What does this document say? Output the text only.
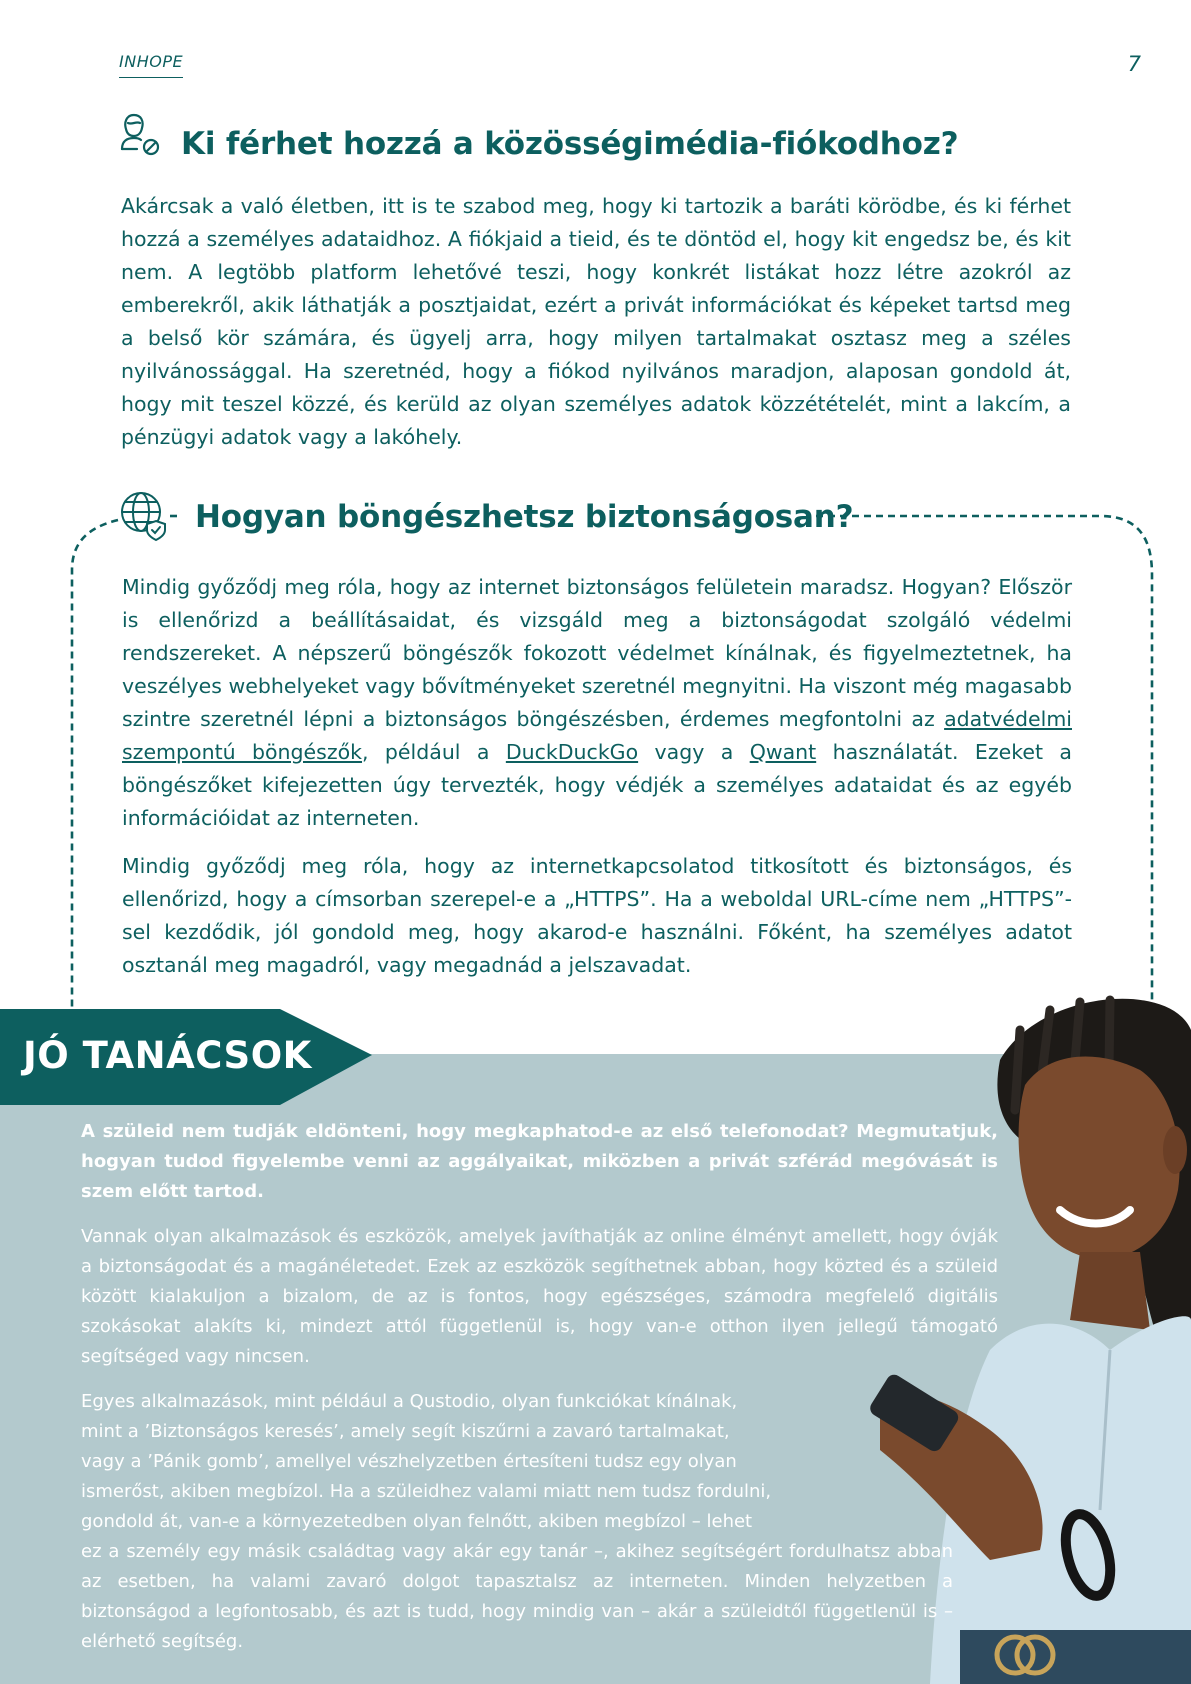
INHOPE	7
Ki férhet hozzá a közösségimédia-fiókodhoz?

Akárcsak a való életben, itt is te szabod meg, hogy ki tartozik a baráti körödbe, és ki férhet hozzá a személyes adataidhoz. A fiókjaid a tieid, és te döntöd el, hogy kit engedsz be, és kit nem. A legtöbb platform lehetővé teszi, hogy konkrét listákat hozz létre azokról az emberekről, akik láthatják a posztjaidat, ezért a privát információkat és képeket tartsd meg a belső kör számára, és ügyelj arra, hogy milyen tartalmakat osztasz meg a széles nyilvánossággal. Ha szeretnéd, hogy a fiókod nyilvános maradjon, alaposan gondold át, hogy mit teszel közzé, és kerüld az olyan személyes adatok közzétételét, mint a lakcím, a pénzügyi adatok vagy a lakóhely.

Hogyan böngészhetsz biztonságosan?

Mindig győződj meg róla, hogy az internet biztonságos felületein maradsz. Hogyan? Először is ellenőrizd a beállításaidat, és vizsgáld meg a biztonságodat szolgáló védelmi rendszereket. A népszerű böngészők fokozott védelmet kínálnak, és figyelmeztetnek, ha veszélyes webhelyeket vagy bővítményeket szeretnél megnyitni. Ha viszont még magasabb szintre szeretnél lépni a biztonságos böngészésben, érdemes megfontolni az adatvédelmi szempontú böngészők, például a DuckDuckGo vagy a Qwant használatát. Ezeket a böngészőket kifejezetten úgy tervezték, hogy védjék a személyes adataidat és az egyéb információidat az interneten.

Mindig győződj meg róla, hogy az internetkapcsolatod titkosított és biztonságos, és ellenőrizd, hogy a címsorban szerepel-e a „HTTPS”. Ha a weboldal URL-címe nem „HTTPS”-sel kezdődik, jól gondold meg, hogy akarod-e használni. Főként, ha személyes adatot osztanál meg magadról, vagy megadnád a jelszavadat.

JÓ TANÁCSOK

A szüleid nem tudják eldönteni, hogy megkaphatod-e az első telefonodat? Megmutatjuk, hogyan tudod figyelembe venni az aggályaikat, miközben a privát szférád megóvását is szem előtt tartod.

Vannak olyan alkalmazások és eszközök, amelyek javíthatják az online élményt amellett, hogy óvják a biztonságodat és a magánéletedet. Ezek az eszközök segíthetnek abban, hogy közted és a szüleid között kialakuljon a bizalom, de az is fontos, hogy egészséges, számodra megfelelő digitális szokásokat alakíts ki, mindezt attól függetlenül is, hogy van-e otthon ilyen jellegű támogató segítséged vagy nincsen.

Egyes alkalmazások, mint például a Qustodio, olyan funkciókat kínálnak,
mint a ’Biztonságos keresés’, amely segít kiszűrni a zavaró tartalmakat,
vagy a ’Pánik gomb’, amellyel vészhelyzetben értesíteni tudsz egy olyan
ismerőst, akiben megbízol. Ha a szüleidhez valami miatt nem tudsz fordulni,
gondold át, van-e a környezetedben olyan felnőtt, akiben megbízol – lehet

ez a személy egy másik családtag vagy akár egy tanár –, akihez segítségért fordulhatsz abban az esetben, ha valami zavaró dolgot tapasztalsz az interneten. Minden helyzetben a biztonságod a legfontosabb, és azt is tudd, hogy mindig van – akár a szüleidtől függetlenül is – elérhető segítség.
